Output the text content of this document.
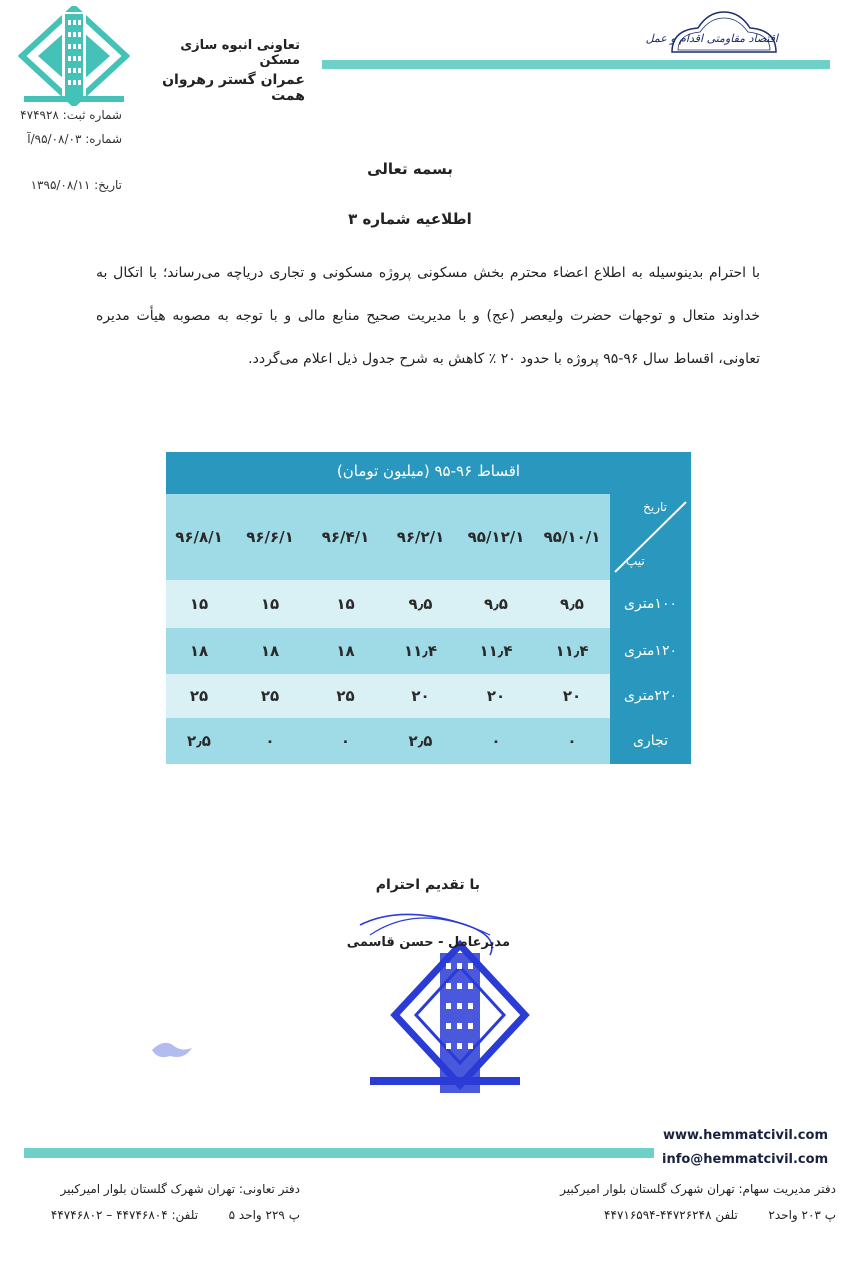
تعاونی انبوه سازی مسکن
عمران گستر رهروان همت
اقتصاد مقاومتی اقدام و عمل
شماره ثبت: ۴۷۴۹۲۸
شماره: ۹۵/۰۸/۰۳/آ
تاریخ: ۱۳۹۵/۰۸/۱۱
بسمه تعالی
اطلاعیه شماره ۳
با احترام بدینوسیله به اطلاع اعضاء محترم بخش مسکونی پروژه مسکونی و تجاری دریاچه می‌رساند؛ با اتکال به خداوند متعال و توجهات حضرت ولیعصر (عج) و با مدیریت صحیح منابع مالی و با توجه به مصوبه هیأت مدیره تعاونی، اقساط سال ۹۶-۹۵ پروژه با حدود ۲۰ ٪ کاهش به شرح جدول ذیل اعلام می‌گردد.
اقساط ۹۶-۹۵ (میلیون تومان)
تاریخ
تیپ
۹۵/۱۰/۱
۹۵/۱۲/۱
۹۶/۲/۱
۹۶/۴/۱
۹۶/۶/۱
۹۶/۸/۱
۱۰۰متری
۹٫۵
۹٫۵
۹٫۵
۱۵
۱۵
۱۵
۱۲۰متری
۱۱٫۴
۱۱٫۴
۱۱٫۴
۱۸
۱۸
۱۸
۲۲۰متری
۲۰
۲۰
۲۰
۲۵
۲۵
۲۵
تجاری
۰
۰
۲٫۵
۰
۰
۲٫۵
با تقدیم احترام
مدیرعامل - حسن قاسمی
www.hemmatcivil.com
info@hemmatcivil.com
دفتر مدیریت سهام: تهران شهرک گلستان بلوار امیرکبیر
پ ۲۰۳ واحد۲        تلفن ۴۴۷۲۶۲۴۸-۴۴۷۱۶۵۹۴
دفتر تعاونی: تهران شهرک گلستان بلوار امیرکبیر
پ ۲۲۹ واحد ۵        تلفن: ۴۴۷۴۶۸۰۴ – ۴۴۷۴۶۸۰۲
